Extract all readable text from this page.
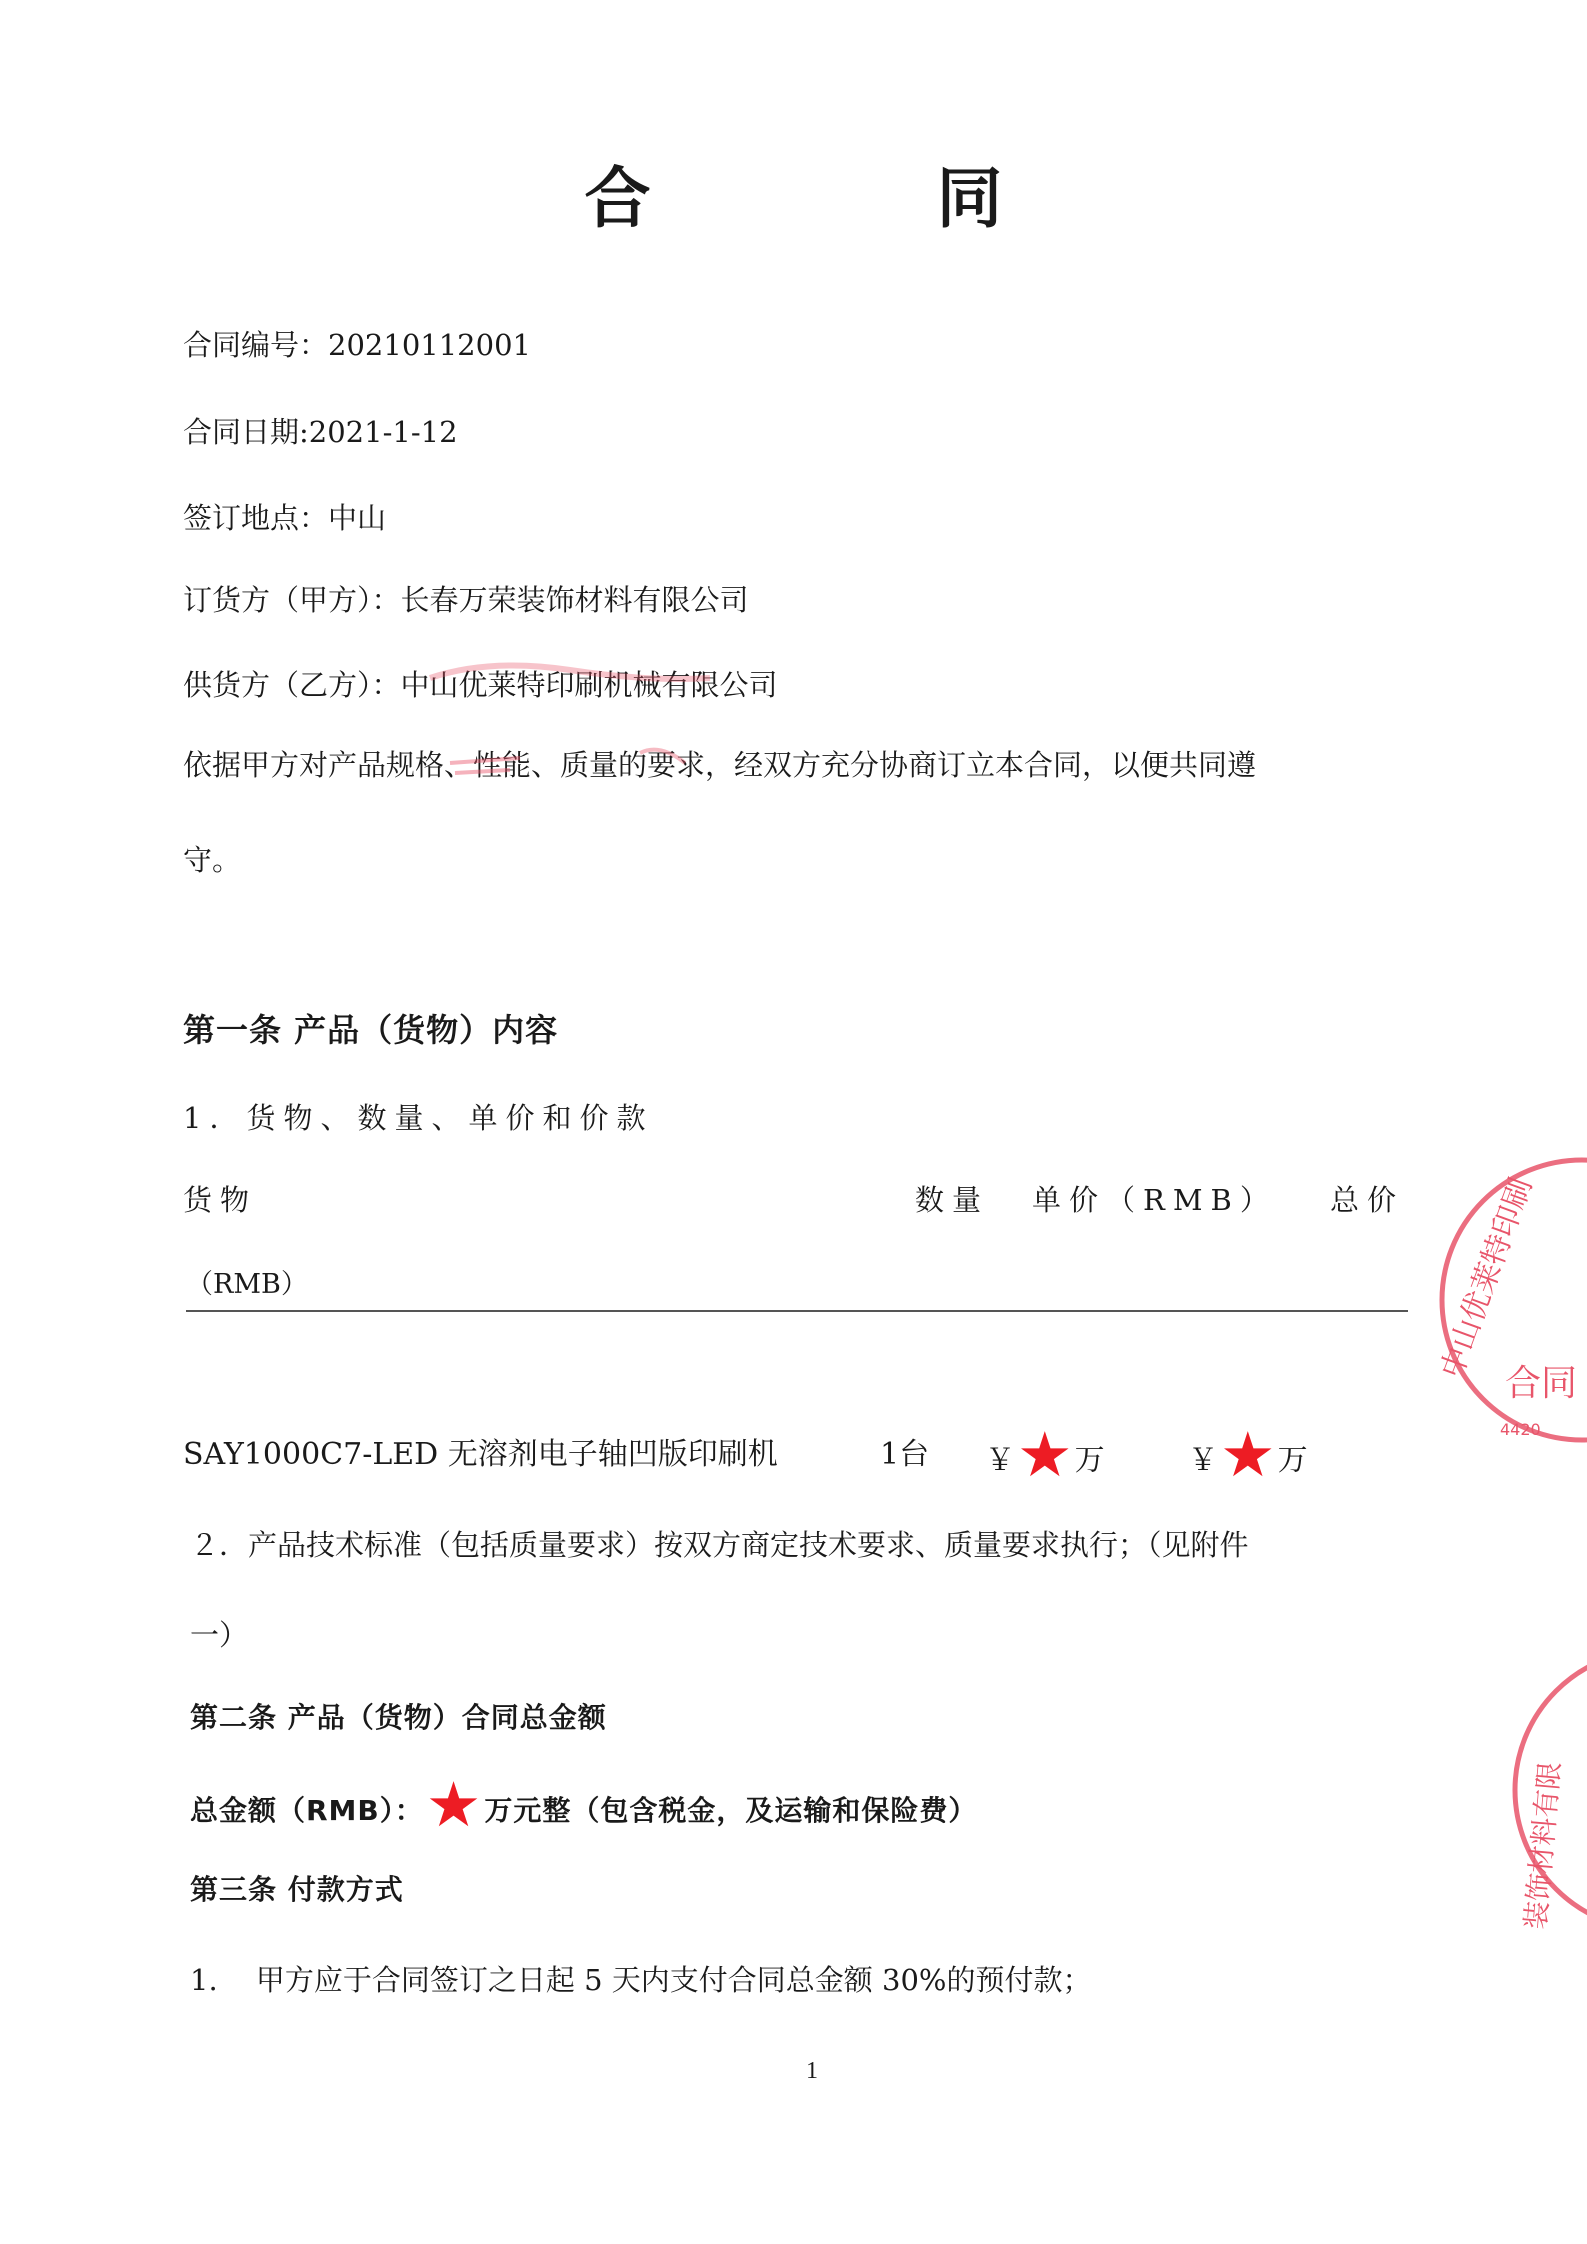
合　同
合同编号：20210112001
合同日期:2021-1-12
签订地点：中山
订货方（甲方）：长春万荣装饰材料有限公司
供货方（乙方）：中山优莱特印刷机械有限公司
依据甲方对产品规格、性能、质量的要求，经双方充分协商订立本合同，以便共同遵
守。
第一条 产品（货物）内容
1．货物、数量、单价和价款
货物	数量 单价（RMB） 总价
（RMB）
SAY1000C7-LED 无溶剂电子轴凹版印刷机	1台 ￥★万	￥★万
２．产品技术标准（包括质量要求）按双方商定技术要求、质量要求执行；（见附件
一）
第二条 产品（货物）合同总金额
总金额（RMB）：★万元整（包含税金，及运输和保险费）
第三条 付款方式
1.　 甲方应于合同签订之日起 5 天内支付合同总金额 30%的预付款；
1
中山优莱特印刷
合同
4420
装饰材料有限
